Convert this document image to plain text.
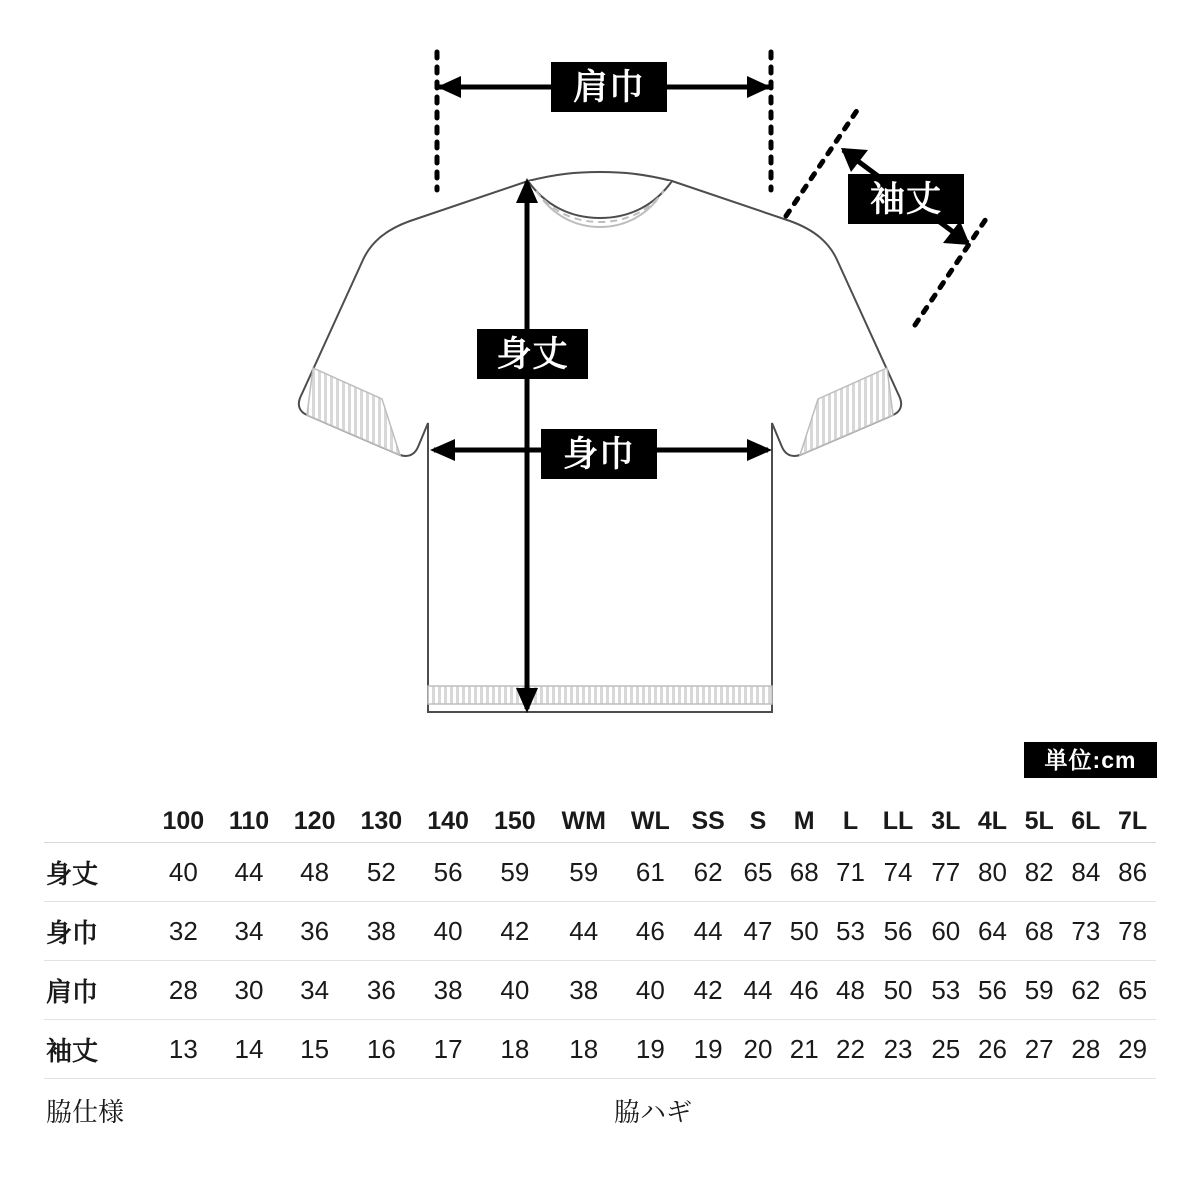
肩巾
袖丈
身丈
身巾
単位:cm
	100	110	120	130	140	150	WM	WL	SS	S	M	L	LL	3L	4L	5L	6L	7L
身丈	40	44	48	52	56	59	59	61	62	65	68	71	74	77	80	82	84	86
身巾	32	34	36	38	40	42	44	46	44	47	50	53	56	60	64	68	73	78
肩巾	28	30	34	36	38	40	38	40	42	44	46	48	50	53	56	59	62	65
袖丈	13	14	15	16	17	18	18	19	19	20	21	22	23	25	26	27	28	29
脇仕様	脇ハギ																	
